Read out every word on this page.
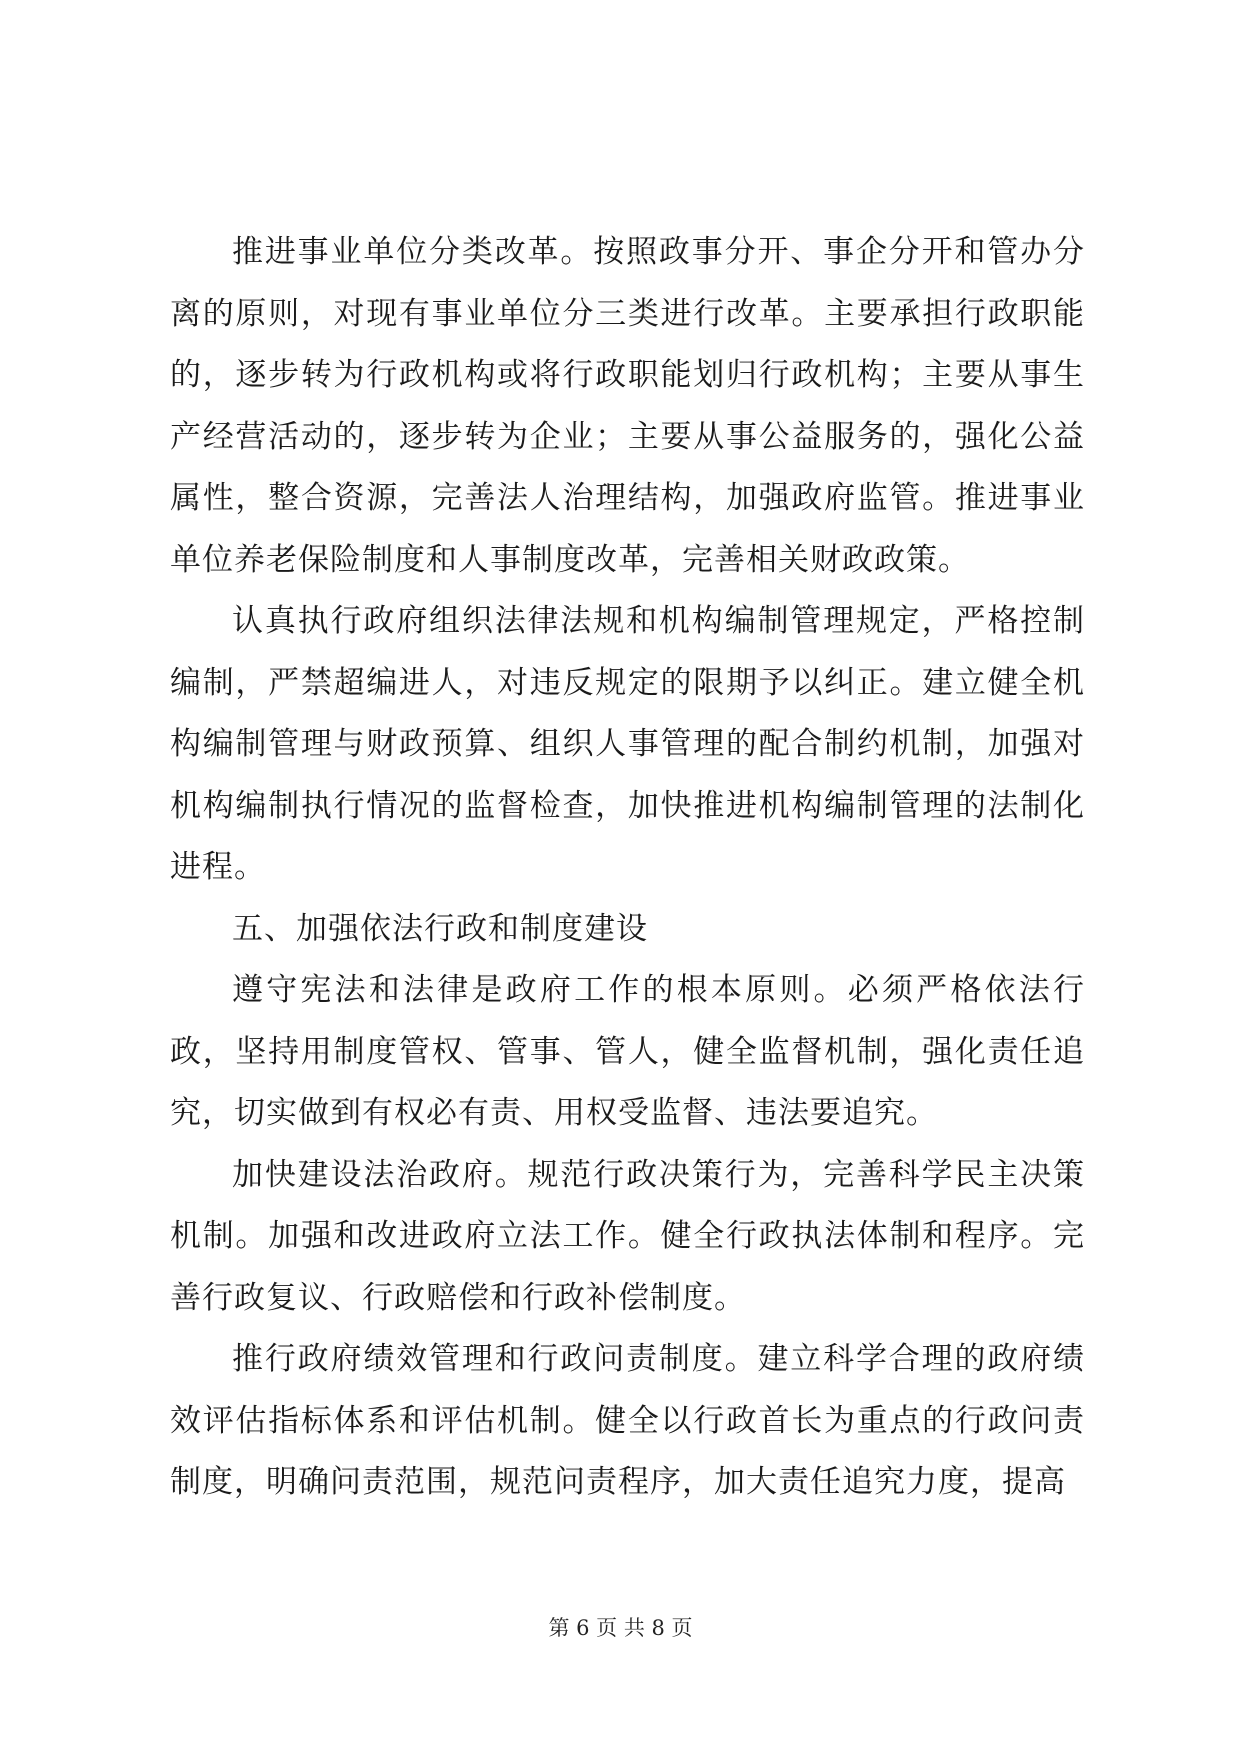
推进事业单位分类改革。按照政事分开、事企分开和管办分离的原则，对现有事业单位分三类进行改革。主要承担行政职能的，逐步转为行政机构或将行政职能划归行政机构；主要从事生产经营活动的，逐步转为企业；主要从事公益服务的，强化公益属性，整合资源，完善法人治理结构，加强政府监管。推进事业单位养老保险制度和人事制度改革，完善相关财政政策。

认真执行政府组织法律法规和机构编制管理规定，严格控制编制，严禁超编进人，对违反规定的限期予以纠正。建立健全机构编制管理与财政预算、组织人事管理的配合制约机制，加强对机构编制执行情况的监督检查，加快推进机构编制管理的法制化进程。

五、加强依法行政和制度建设

遵守宪法和法律是政府工作的根本原则。必须严格依法行政，坚持用制度管权、管事、管人，健全监督机制，强化责任追究，切实做到有权必有责、用权受监督、违法要追究。

加快建设法治政府。规范行政决策行为，完善科学民主决策机制。加强和改进政府立法工作。健全行政执法体制和程序。完善行政复议、行政赔偿和行政补偿制度。

推行政府绩效管理和行政问责制度。建立科学合理的政府绩效评估指标体系和评估机制。健全以行政首长为重点的行政问责制度，明确问责范围，规范问责程序，加大责任追究力度，提高

第 6 页 共 8 页
